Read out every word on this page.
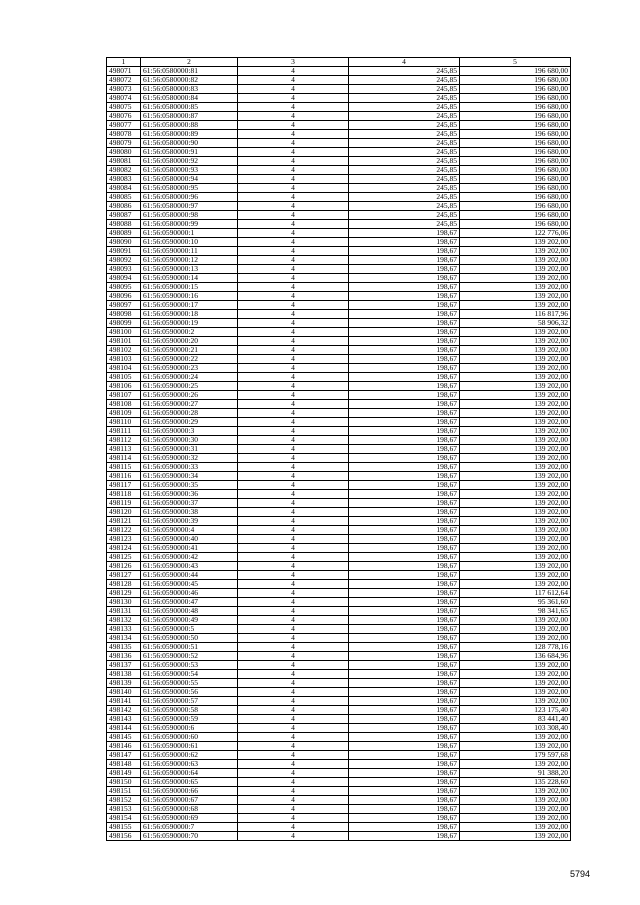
1	2	3	4	5
498071	61:56:0580000:81	4	245,85	196 680,00
498072	61:56:0580000:82	4	245,85	196 680,00
498073	61:56:0580000:83	4	245,85	196 680,00
498074	61:56:0580000:84	4	245,85	196 680,00
498075	61:56:0580000:85	4	245,85	196 680,00
498076	61:56:0580000:87	4	245,85	196 680,00
498077	61:56:0580000:88	4	245,85	196 680,00
498078	61:56:0580000:89	4	245,85	196 680,00
498079	61:56:0580000:90	4	245,85	196 680,00
498080	61:56:0580000:91	4	245,85	196 680,00
498081	61:56:0580000:92	4	245,85	196 680,00
498082	61:56:0580000:93	4	245,85	196 680,00
498083	61:56:0580000:94	4	245,85	196 680,00
498084	61:56:0580000:95	4	245,85	196 680,00
498085	61:56:0580000:96	4	245,85	196 680,00
498086	61:56:0580000:97	4	245,85	196 680,00
498087	61:56:0580000:98	4	245,85	196 680,00
498088	61:56:0580000:99	4	245,85	196 680,00
498089	61:56:0590000:1	4	198,67	122 776,06
498090	61:56:0590000:10	4	198,67	139 202,00
498091	61:56:0590000:11	4	198,67	139 202,00
498092	61:56:0590000:12	4	198,67	139 202,00
498093	61:56:0590000:13	4	198,67	139 202,00
498094	61:56:0590000:14	4	198,67	139 202,00
498095	61:56:0590000:15	4	198,67	139 202,00
498096	61:56:0590000:16	4	198,67	139 202,00
498097	61:56:0590000:17	4	198,67	139 202,00
498098	61:56:0590000:18	4	198,67	116 817,96
498099	61:56:0590000:19	4	198,67	58 906,32
498100	61:56:0590000:2	4	198,67	139 202,00
498101	61:56:0590000:20	4	198,67	139 202,00
498102	61:56:0590000:21	4	198,67	139 202,00
498103	61:56:0590000:22	4	198,67	139 202,00
498104	61:56:0590000:23	4	198,67	139 202,00
498105	61:56:0590000:24	4	198,67	139 202,00
498106	61:56:0590000:25	4	198,67	139 202,00
498107	61:56:0590000:26	4	198,67	139 202,00
498108	61:56:0590000:27	4	198,67	139 202,00
498109	61:56:0590000:28	4	198,67	139 202,00
498110	61:56:0590000:29	4	198,67	139 202,00
498111	61:56:0590000:3	4	198,67	139 202,00
498112	61:56:0590000:30	4	198,67	139 202,00
498113	61:56:0590000:31	4	198,67	139 202,00
498114	61:56:0590000:32	4	198,67	139 202,00
498115	61:56:0590000:33	4	198,67	139 202,00
498116	61:56:0590000:34	4	198,67	139 202,00
498117	61:56:0590000:35	4	198,67	139 202,00
498118	61:56:0590000:36	4	198,67	139 202,00
498119	61:56:0590000:37	4	198,67	139 202,00
498120	61:56:0590000:38	4	198,67	139 202,00
498121	61:56:0590000:39	4	198,67	139 202,00
498122	61:56:0590000:4	4	198,67	139 202,00
498123	61:56:0590000:40	4	198,67	139 202,00
498124	61:56:0590000:41	4	198,67	139 202,00
498125	61:56:0590000:42	4	198,67	139 202,00
498126	61:56:0590000:43	4	198,67	139 202,00
498127	61:56:0590000:44	4	198,67	139 202,00
498128	61:56:0590000:45	4	198,67	139 202,00
498129	61:56:0590000:46	4	198,67	117 612,64
498130	61:56:0590000:47	4	198,67	95 361,60
498131	61:56:0590000:48	4	198,67	98 341,65
498132	61:56:0590000:49	4	198,67	139 202,00
498133	61:56:0590000:5	4	198,67	139 202,00
498134	61:56:0590000:50	4	198,67	139 202,00
498135	61:56:0590000:51	4	198,67	128 778,16
498136	61:56:0590000:52	4	198,67	136 684,96
498137	61:56:0590000:53	4	198,67	139 202,00
498138	61:56:0590000:54	4	198,67	139 202,00
498139	61:56:0590000:55	4	198,67	139 202,00
498140	61:56:0590000:56	4	198,67	139 202,00
498141	61:56:0590000:57	4	198,67	139 202,00
498142	61:56:0590000:58	4	198,67	123 175,40
498143	61:56:0590000:59	4	198,67	83 441,40
498144	61:56:0590000:6	4	198,67	103 308,40
498145	61:56:0590000:60	4	198,67	139 202,00
498146	61:56:0590000:61	4	198,67	139 202,00
498147	61:56:0590000:62	4	198,67	179 597,68
498148	61:56:0590000:63	4	198,67	139 202,00
498149	61:56:0590000:64	4	198,67	91 388,20
498150	61:56:0590000:65	4	198,67	135 228,60
498151	61:56:0590000:66	4	198,67	139 202,00
498152	61:56:0590000:67	4	198,67	139 202,00
498153	61:56:0590000:68	4	198,67	139 202,00
498154	61:56:0590000:69	4	198,67	139 202,00
498155	61:56:0590000:7	4	198,67	139 202,00
498156	61:56:0590000:70	4	198,67	139 202,00
5794
